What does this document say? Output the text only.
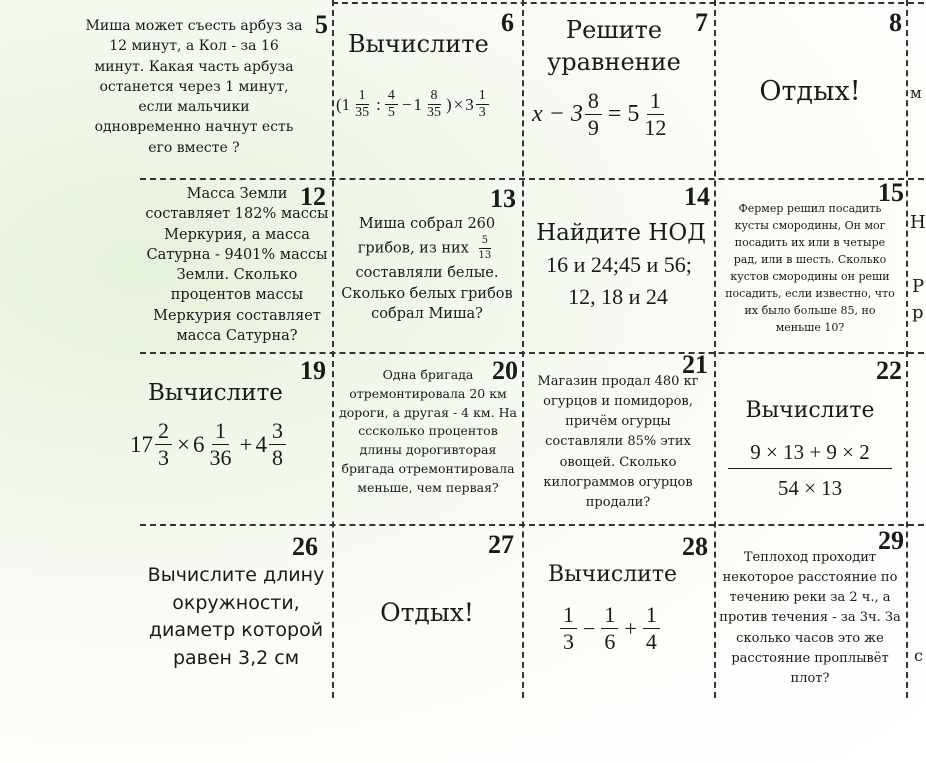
5
Миша может съесть арбуз за 12 минут, а Кол - за 16 минут. Какая часть арбуза останется через 1 минут, если мальчики одновременно начнут есть его вместе ?
6
Вычислите
( $1 \frac{1}{35}$ : $\frac{4}{5} - 1 \frac{8}{35}$ ) × $3 \frac{1}{3}$
7
Решите уравнение
$x - 3 \frac{8}{9} = 5 \frac{1}{12}$
8
Отдых!	м
12
Масса Земли составляет 182% массы Меркурия, а масса Сатурна - 9401% массы Земли. Сколько процентов массы Меркурия составляет масса Сатурна?
13
Миша собрал 260 грибов, из них $\frac{5}{13}$
составляли белые. Сколько белых грибов собрал Миша?
14
Найдите НОД
16 и 24;45 и 56;
12, 18 и 24
15
Фермер решил посадить кусты смородины, Он мог посадить их или в четыре рад, или в шесть. Сколько кустов смородины он реши посадить, если известно, что их было больше 85, но меньше 10?
Н
Р
р
19
Вычислите
$17 \frac{2}{3} \times 6 \frac{1}{36} + 4 \frac{3}{8}$
20
Одна бригада отремонтировала 20 км дороги, а другая - 4 км. На ссcколько процентов длины дорогивторая бригада отремонтировала меньше, чем первая?
21
Магазин продал 480 кг огурцов и помидоров, причём огурцы составляли 85% этих овощей. Сколько килограммов огурцов продали?
22
Вычислите
9 × 13 + 9 × 2
54 × 13
26
Вычислите длину окружности, диаметр которой равен 3,2 см
27
Отдых!
28
Вычислите
$\frac{1}{3} - \frac{1}{6} + \frac{1}{4}$
29
Теплоход проходит некоторое расстояние по течению реки за 2 ч., а против течения - за 3ч. За сколько часов это же расстояние проплывёт плот?
с
